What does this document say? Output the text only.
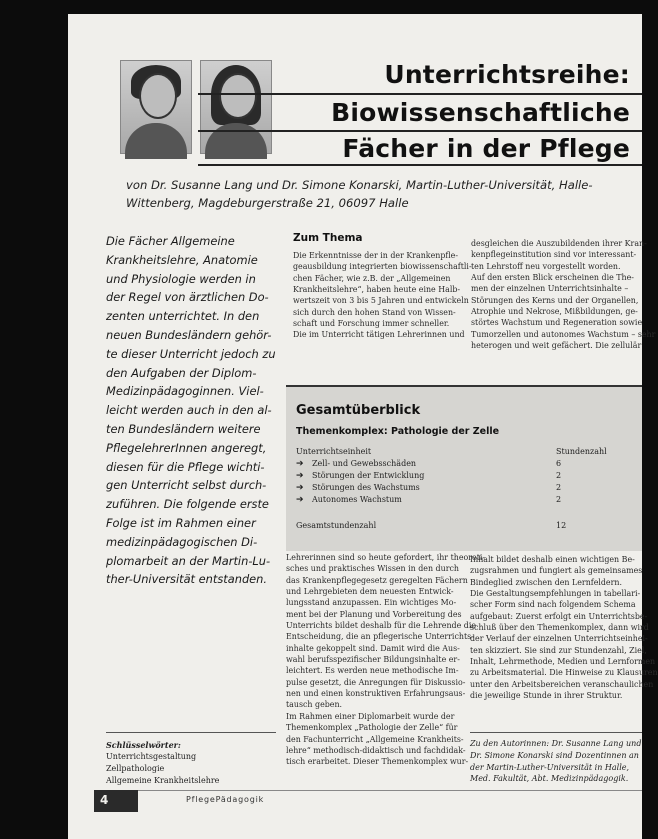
Unterrichtsreihe:
Biowissenschaftliche
Fächer in der Pflege
von Dr. Susanne Lang und Dr. Simone Konarski, Martin-Luther-Universität, Halle-Wittenberg, Magdeburgerstraße 21, 06097 Halle
Die Fächer Allgemeine
Krankheitslehre, Anatomie
und Physiologie werden in
der Regel von ärztlichen Do-
zenten unterrichtet. In den
neuen Bundesländern gehör-
te dieser Unterricht jedoch zu
den Aufgaben der Diplom-
Medizinpädagoginnen. Viel-
leicht werden auch in den al-
ten Bundesländern weitere
PflegelehrerInnen angeregt,
diesen für die Pflege wichti-
gen Unterricht selbst durch-
zuführen. Die folgende erste
Folge ist im Rahmen einer
medizinpädagogischen Di-
plomarbeit an der Martin-Lu-
ther-Universität entstanden.
Zum Thema
Die Erkenntnisse der in der Krankenpfle-
geausbildung integrierten biowissenschaftli-
chen Fächer, wie z.B. der „Allgemeinen
Krankheitslehre“, haben heute eine Halb-
wertszeit von 3 bis 5 Jahren und entwickeln
sich durch den hohen Stand von Wissen-
schaft und Forschung immer schneller.
Die im Unterricht tätigen Lehrerinnen und
desgleichen die Auszubildenden ihrer Kran-
kenpflegeinstitution sind vor interessant-
ten Lehrstoff neu vorgestellt worden.
Auf den ersten Blick erscheinen die The-
men der einzelnen Unterrichtsinhalte –
Störungen des Kerns und der Organellen,
Atrophie und Nekrose, Mißbildungen, ge-
störtes Wachstum und Regeneration sowie
Tumorzellen und autonomes Wachstum – sehr
heterogen und weit gefächert. Die zellulär
Gesamtüberblick
Themenkomplex: Pathologie der Zelle
Unterrichtseinheit	Stundenzahl
➔ Zell- und Gewebsschäden	6
➔ Störungen der Entwicklung	2
➔ Störungen des Wachstums	2
➔ Autonomes Wachstum	2
Gesamtstundenzahl	12
Lehrerinnen sind so heute gefordert, ihr theoreti-
sches und praktisches Wissen in den durch
das Krankenpflegegesetz geregelten Fächern
und Lehrgebieten dem neuesten Entwick-
lungsstand anzupassen. Ein wichtiges Mo-
ment bei der Planung und Vorbereitung des
Unterrichts bildet deshalb für die Lehrende die
Entscheidung, die an pflegerische Unterrichts-
inhalte gekoppelt sind. Damit wird die Aus-
wahl berufsspezifischer Bildungsinhalte er-
leichtert. Es werden neue methodische Im-
pulse gesetzt, die Anregungen für Diskussio-
nen und einen konstruktiven Erfahrungsaus-
tausch geben.
Im Rahmen einer Diplomarbeit wurde der
Themenkomplex „Pathologie der Zelle“ für
den Fachunterricht „Allgemeine Krankheits-
lehre“ methodisch-didaktisch und fachdidak-
tisch erarbeitet. Dieser Themenkomplex wur-
Inhalt bildet deshalb einen wichtigen Be-
zugsrahmen und fungiert als gemeinsames
Bindeglied zwischen den Lernfeldern.
Die Gestaltungsempfehlungen in tabellari-
scher Form sind nach folgendem Schema
aufgebaut: Zuerst erfolgt ein Unterrichtsbe-
schluß über den Themenkomplex, dann wird
der Verlauf der einzelnen Unterrichtseinhei-
ten skizziert. Sie sind zur Stundenzahl, Ziel,
Inhalt, Lehrmethode, Medien und Lernformen
zu Arbeitsmaterial. Die Hinweise zu Klausuren
unter den Arbeitsbereichen veranschaulichen
die jeweilige Stunde in ihrer Struktur.
Schlüsselwörter:
Unterrichtsgestaltung
Zellpathologie
Allgemeine Krankheitslehre
Zu den Autorinnen: Dr. Susanne Lang und
Dr. Simone Konarski sind Dozentinnen an
der Martin-Luther-Universität in Halle,
Med. Fakultät, Abt. Medizinpädagogik.
4	PflegePädagogik
